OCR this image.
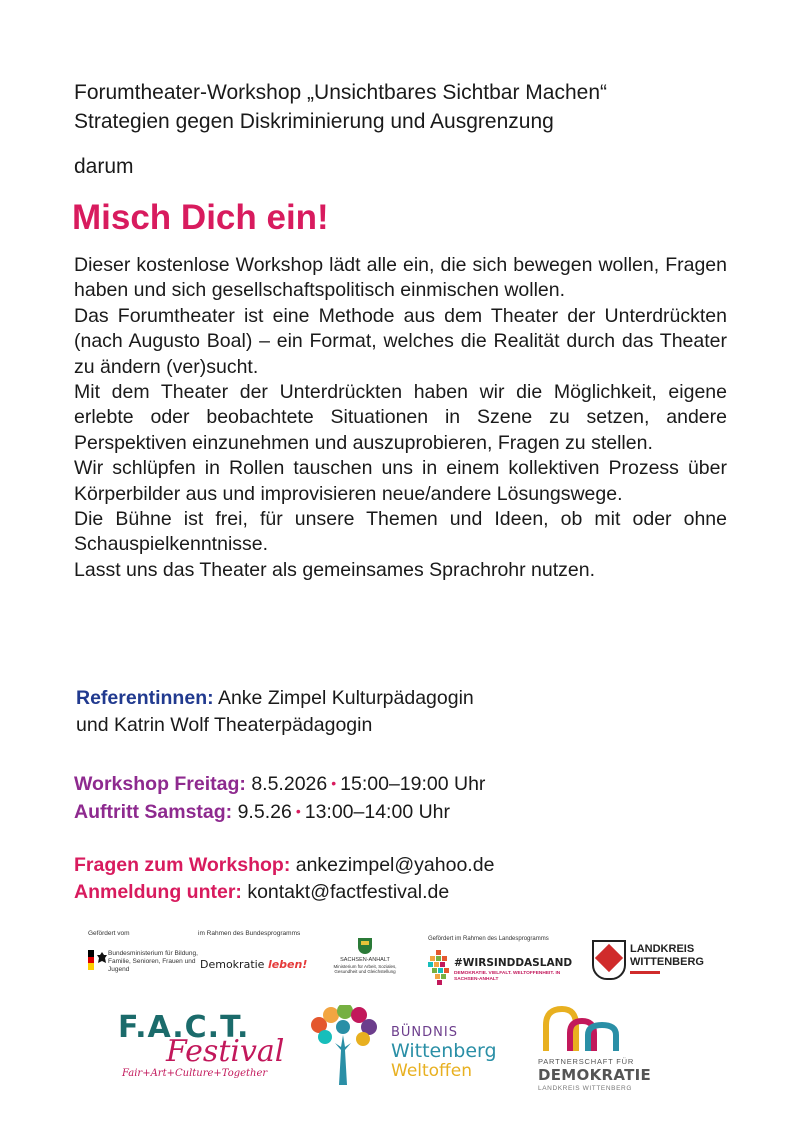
Forumtheater-Workshop „Unsichtbares Sichtbar Machen“
Strategien gegen Diskriminierung und Ausgrenzung
darum
Misch Dich ein!

Dieser kostenlose Workshop lädt alle ein, die sich bewegen wollen, Fragen haben und sich gesellschaftspolitisch einmischen wollen.

Das Forumtheater ist eine Methode aus dem Theater der Unterdrückten (nach Augusto Boal) – ein Format, welches die Realität durch das Theater zu ändern (ver)sucht.

Mit dem Theater der Unterdrückten haben wir die Möglichkeit, eigene erlebte oder beobachtete Situationen in Szene zu setzen, andere Perspektiven einzunehmen und auszuprobieren, Fragen zu stellen.

Wir schlüpfen in Rollen tauschen uns in einem kollektiven Prozess über Körperbilder aus und improvisieren neue/andere Lösungswege.

Die Bühne ist frei, für unsere Themen und Ideen, ob mit oder ohne Schauspielkenntnisse.

Lasst uns das Theater als gemeinsames Sprachrohr nutzen.

Referentinnen: Anke Zimpel Kulturpädagogin
und Katrin Wolf Theaterpädagogin
Workshop Freitag: 8.5.2026 • 15:00–19:00 Uhr
Auftritt Samstag: 9.5.26 • 13:00–14:00 Uhr
Fragen zum Workshop: ankezimpel@yahoo.de
Anmeldung unter: kontakt@factfestival.de
Gefördert vom
Bundesministerium für Bildung, Familie, Senioren, Frauen und Jugend
im Rahmen des Bundesprogramms
Demokratie leben!	SACHSEN-ANHALT
Ministerium für Arbeit, Soziales, Gesundheit und Gleichstellung
Gefördert im Rahmen des Landesprogramms
#WIRSINDDASLAND
DEMOKRATIE. VIELFALT. WELTOFFENHEIT. IN SACHSEN-ANHALT
LANDKREIS
WITTENBERG
F.A.C.T.
Festival
Fair+Art+Culture+Together
BÜNDNIS
Wittenberg
Weltoffen	PARTNERSCHAFT FÜR
DEMOKRATIE
LANDKREIS WITTENBERG
